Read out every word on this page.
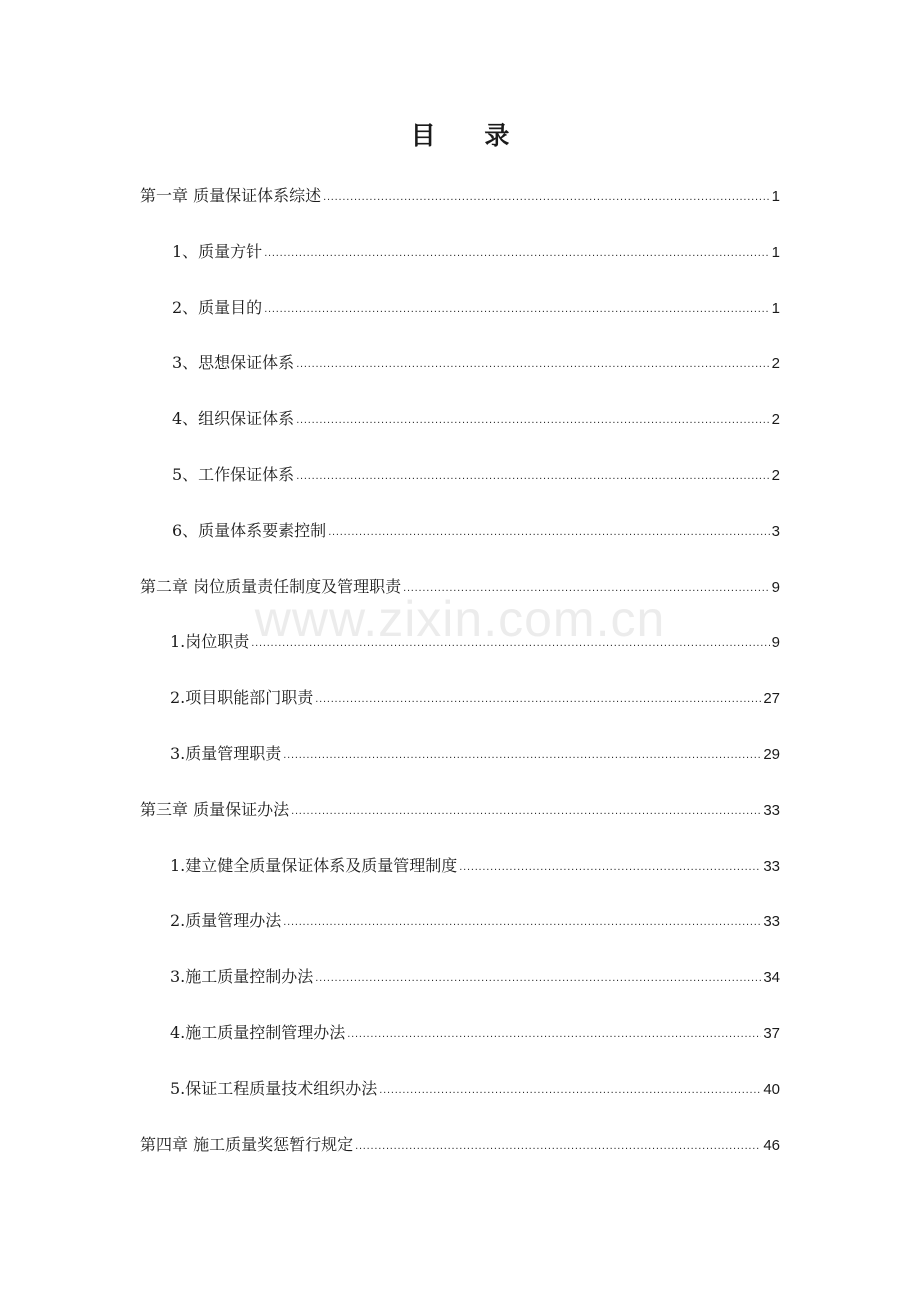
目 录
www.zixin.com.cn
第一章 质量保证体系综述 .....	1
1、质量方针 .....	1
2、质量目的 .....	1
3、思想保证体系 .....	2
4、组织保证体系 .....	2
5、工作保证体系 .....	2
6、质量体系要素控制 .....	3
第二章 岗位质量责任制度及管理职责 .....	9
1.岗位职责 .....	9
2.项目职能部门职责 .....	27
3.质量管理职责 .....	29
第三章 质量保证办法 .....	33
1.建立健全质量保证体系及质量管理制度 .....	33
2.质量管理办法 .....	33
3.施工质量控制办法 .....	34
4.施工质量控制管理办法 .....	37
5.保证工程质量技术组织办法 .....	40
第四章 施工质量奖惩暂行规定 .....	46
